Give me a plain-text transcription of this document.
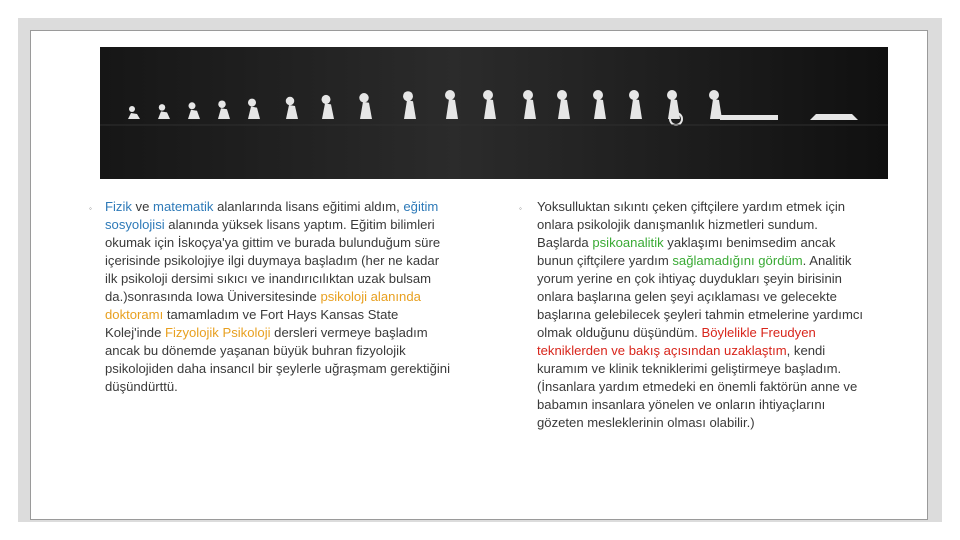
◦ Fizik ve matematik alanlarında lisans eğitimi aldım, eğitim sosyolojisi alanında yüksek lisans yaptım. Eğitim bilimleri okumak için İskoçya'ya gittim ve burada bulunduğum süre içerisinde psikolojiye ilgi duymaya başladım (her ne kadar ilk psikoloji dersimi sıkıcı ve inandırıcılıktan uzak bulsam da.)sonrasında Iowa Üniversitesinde psikoloji alanında doktoramı tamamladım ve Fort Hays Kansas State Kolej'inde Fizyolojik Psikoloji dersleri vermeye başladım ancak bu dönemde yaşanan büyük buhran fizyolojik psikolojiden daha insancıl bir şeylerle uğraşmam gerektiğini düşündürttü.
◦ Yoksulluktan sıkıntı çeken çiftçilere yardım etmek için onlara psikolojik danışmanlık hizmetleri sundum. Başlarda psikoanalitik yaklaşımı benimsedim ancak bunun çiftçilere yardım sağlamadığını gördüm. Analitik yorum yerine en çok ihtiyaç duydukları şeyin birisinin onlara başlarına gelen şeyi açıklaması ve gelecekte başlarına gelebilecek şeyleri tahmin etmelerine yardımcı olmak olduğunu düşündüm. Böylelikle Freudyen tekniklerden ve bakış açısından uzaklaştım, kendi kuramım ve klinik tekniklerimi geliştirmeye başladım. (İnsanlara yardım etmedeki en önemli faktörün anne ve babamın insanlara yönelen ve onların ihtiyaçlarını gözeten mesleklerinin olması olabilir.)
